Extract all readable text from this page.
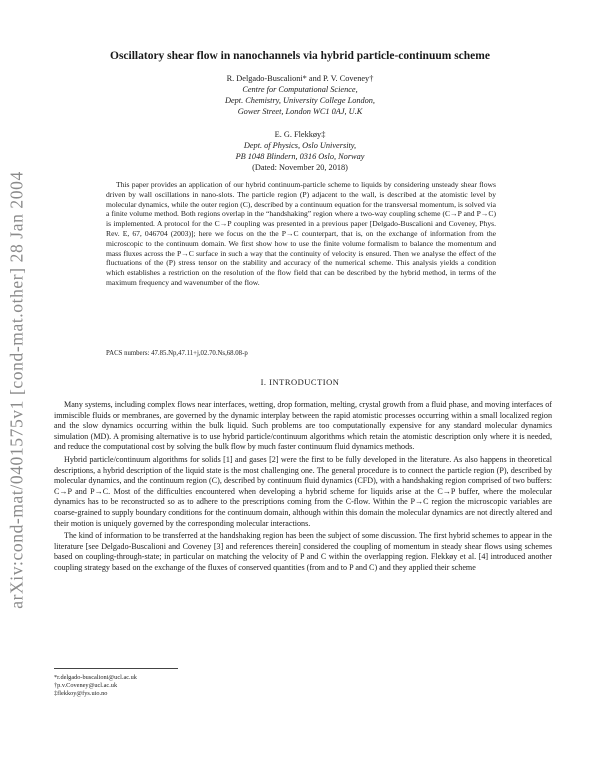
arXiv:cond-mat/0401575v1 [cond-mat.other] 28 Jan 2004
Oscillatory shear flow in nanochannels via hybrid particle-continuum scheme
R. Delgado-Buscalioni* and P. V. Coveney†
Centre for Computational Science,
Dept. Chemistry, University College London,
Gower Street, London WC1 0AJ, U.K
E. G. Flekkøy‡
Dept. of Physics, Oslo University,
PB 1048 Blindern, 0316 Oslo, Norway
(Dated: November 20, 2018)
This paper provides an application of our hybrid continuum-particle scheme to liquids by considering unsteady shear flows driven by wall oscillations in nano-slots. The particle region (P) adjacent to the wall, is described at the atomistic level by molecular dynamics, while the outer region (C), described by a continuum equation for the transversal momentum, is solved via a finite volume method. Both regions overlap in the “handshaking” region where a two-way coupling scheme (C→P and P→C) is implemented. A protocol for the C→P coupling was presented in a previous paper [Delgado-Buscalioni and Coveney, Phys. Rev. E, 67, 046704 (2003)]; here we focus on the the P→C counterpart, that is, on the exchange of information from the microscopic to the continuum domain. We first show how to use the finite volume formalism to balance the momentum and mass fluxes across the P→C surface in such a way that the continuity of velocity is ensured. Then we analyse the effect of the fluctuations of the (P) stress tensor on the stability and accuracy of the numerical scheme. This analysis yields a condition which establishes a restriction on the resolution of the flow field that can be described by the hybrid method, in terms of the maximum frequency and wavenumber of the flow.
PACS numbers: 47.85.Np,47.11+j,02.70.Ns,68.08-p
I. INTRODUCTION

Many systems, including complex flows near interfaces, wetting, drop formation, melting, crystal growth from a fluid phase, and moving interfaces of immiscible fluids or membranes, are governed by the dynamic interplay between the rapid atomistic processes occurring within a small localized region and the slow dynamics occurring within the bulk liquid. Such problems are too computationally expensive for any standard molecular dynamics simulation (MD). A promising alternative is to use hybrid particle/continuum algorithms which retain the atomistic description only where it is needed, and reduce the computational cost by solving the bulk flow by much faster continuum fluid dynamics methods.

Hybrid particle/continuum algorithms for solids [1] and gases [2] were the first to be fully developed in the literature. As also happens in theoretical descriptions, a hybrid description of the liquid state is the most challenging one. The general procedure is to connect the particle region (P), described by molecular dynamics, and the continuum region (C), described by continuum fluid dynamics (CFD), with a handshaking region comprised of two buffers: C→P and P→C. Most of the difficulties encountered when developing a hybrid scheme for liquids arise at the C→P buffer, where the molecular dynamics has to be reconstructed so as to adhere to the prescriptions coming from the C-flow. Within the P→C region the microscopic variables are coarse-grained to supply boundary conditions for the continuum domain, although within this domain the molecular dynamics are not directly altered and their motion is uniquely governed by the corresponding molecular interactions.

The kind of information to be transferred at the handshaking region has been the subject of some discussion. The first hybrid schemes to appear in the literature [see Delgado-Buscalioni and Coveney [3] and references therein] considered the coupling of momentum in steady shear flows using schemes based on coupling-through-state; in particular on matching the velocity of P and C within the overlapping region. Flekkøy et al. [4] introduced another coupling strategy based on the exchange of the fluxes of conserved quantities (from and to P and C) and they applied their scheme

*r.delgado-buscalioni@ucl.ac.uk
†p.v.Coveney@ucl.ac.uk
‡flekkoy@fys.uio.no
